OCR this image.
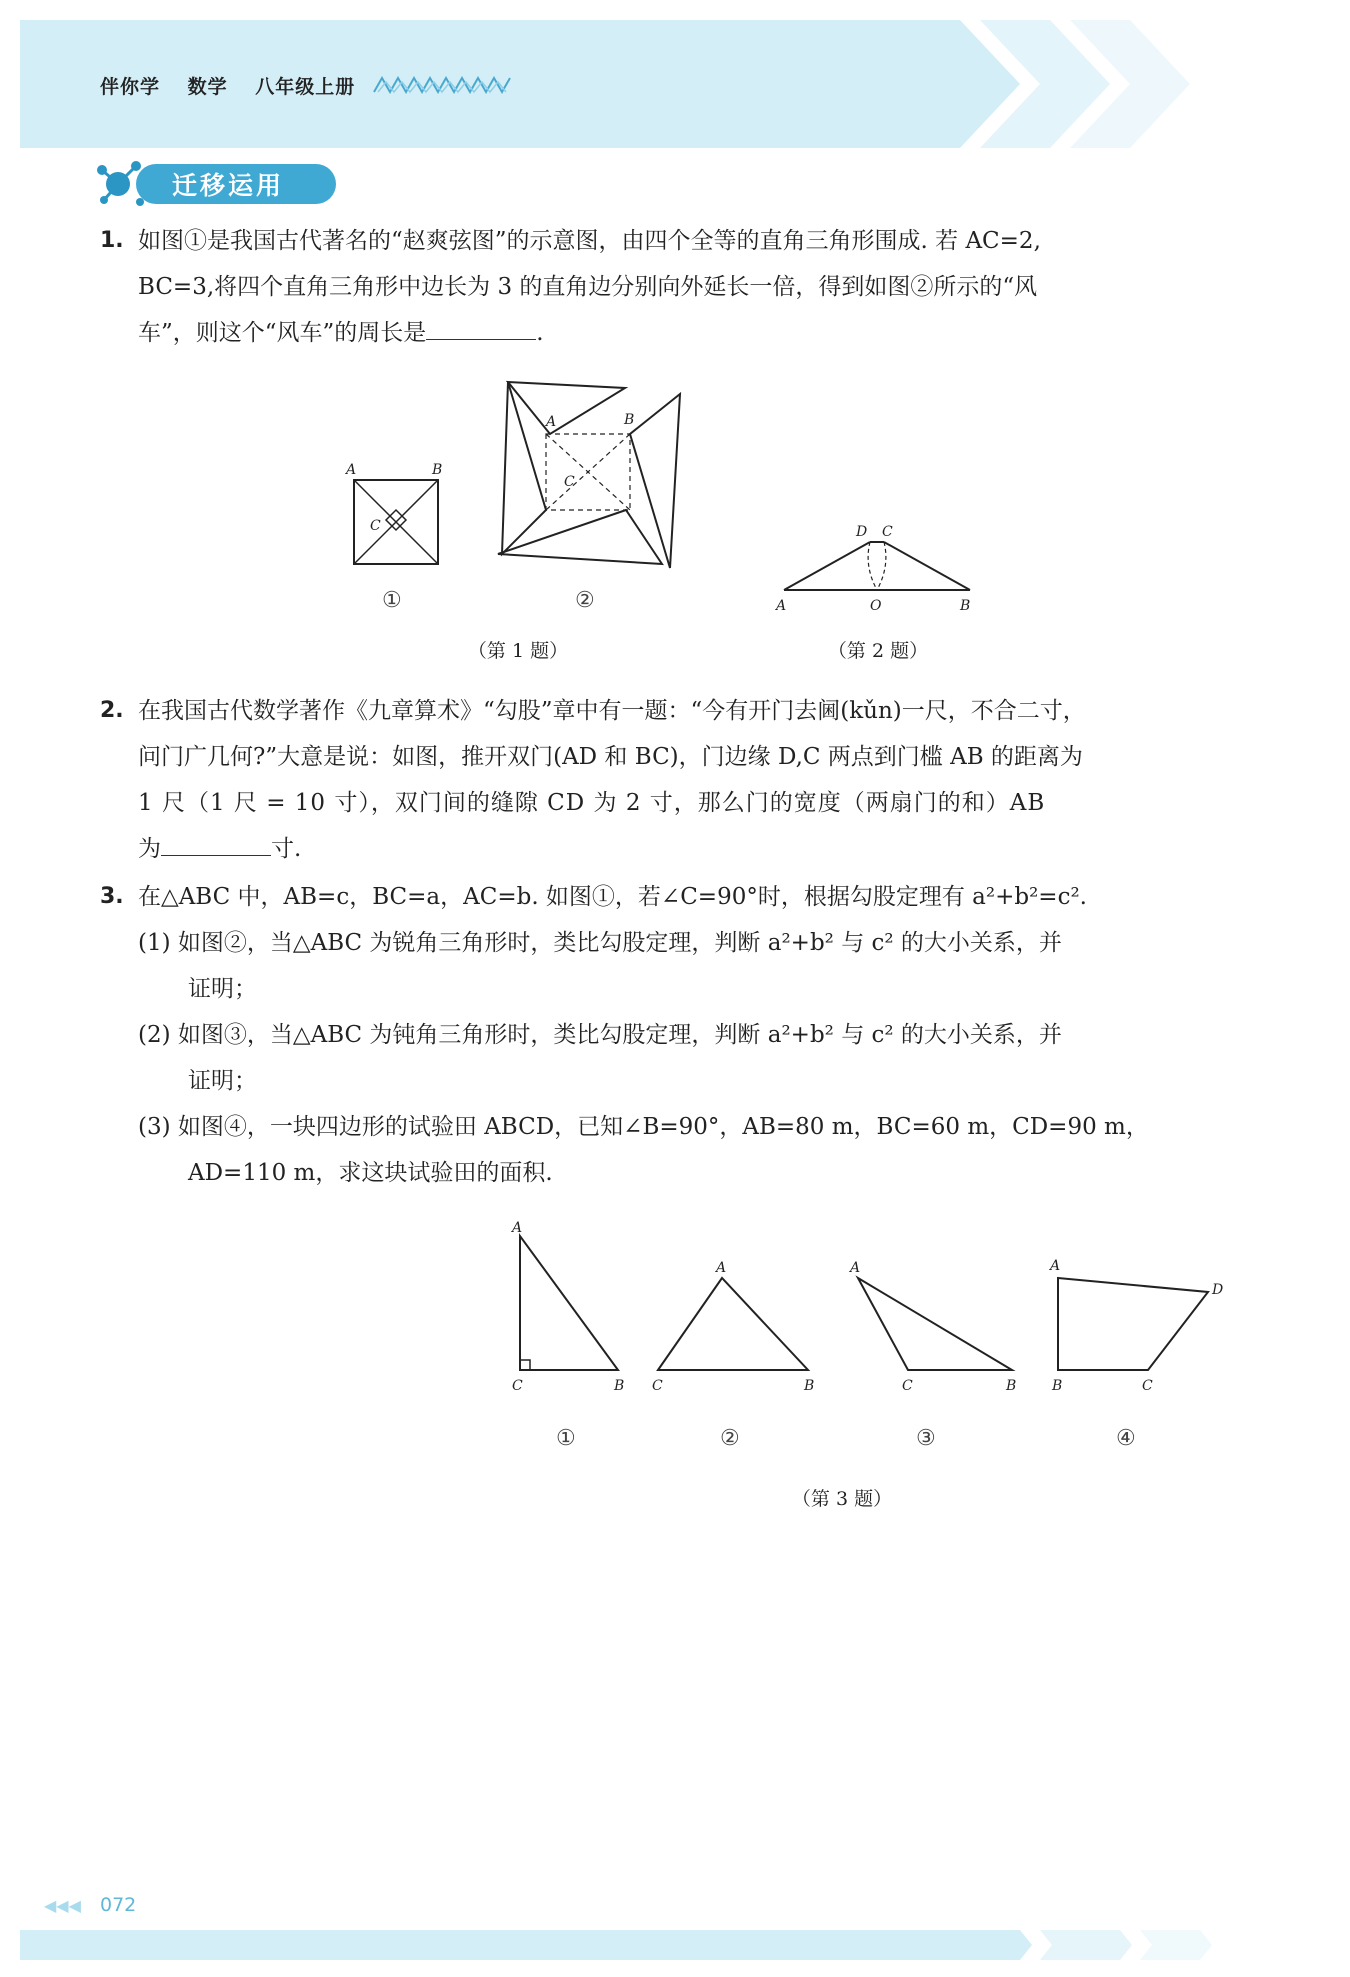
伴你学 数学 八年级上册
迁移运用
1. 如图①是我国古代著名的“赵爽弦图”的示意图，由四个全等的直角三角形围成. 若 AC=2,
BC=3,将四个直角三角形中边长为 3 的直角边分别向外延长一倍，得到如图②所示的“风
车”，则这个“风车”的周长是	.
A	B
C
①
A	B
C
②
（第 1 题）
A	O	B
D C
（第 2 题）
2. 在我国古代数学著作《九章算术》“勾股”章中有一题：“今有开门去阃(kǔn)一尺，不合二寸，
问门广几何?”大意是说：如图，推开双门(AD 和 BC)，门边缘 D,C 两点到门槛 AB 的距离为
1 尺（1 尺 = 10 寸），双门间的缝隙 CD 为 2 寸，那么门的宽度（两扇门的和）AB
为	寸.
3. 在△ABC 中，AB=c，BC=a，AC=b. 如图①，若∠C=90°时，根据勾股定理有 a²+b²=c².
(1) 如图②，当△ABC 为锐角三角形时，类比勾股定理，判断 a²+b² 与 c² 的大小关系，并
证明；
(2) 如图③，当△ABC 为钝角三角形时，类比勾股定理，判断 a²+b² 与 c² 的大小关系，并
证明；
(3) 如图④，一块四边形的试验田 ABCD，已知∠B=90°，AB=80 m，BC=60 m，CD=90 m，
AD=110 m，求这块试验田的面积.
A
C	B
A
C	B
A
C	B
A
D
B	C
①	②	③	④
（第 3 题）
◀◀◀ 072
